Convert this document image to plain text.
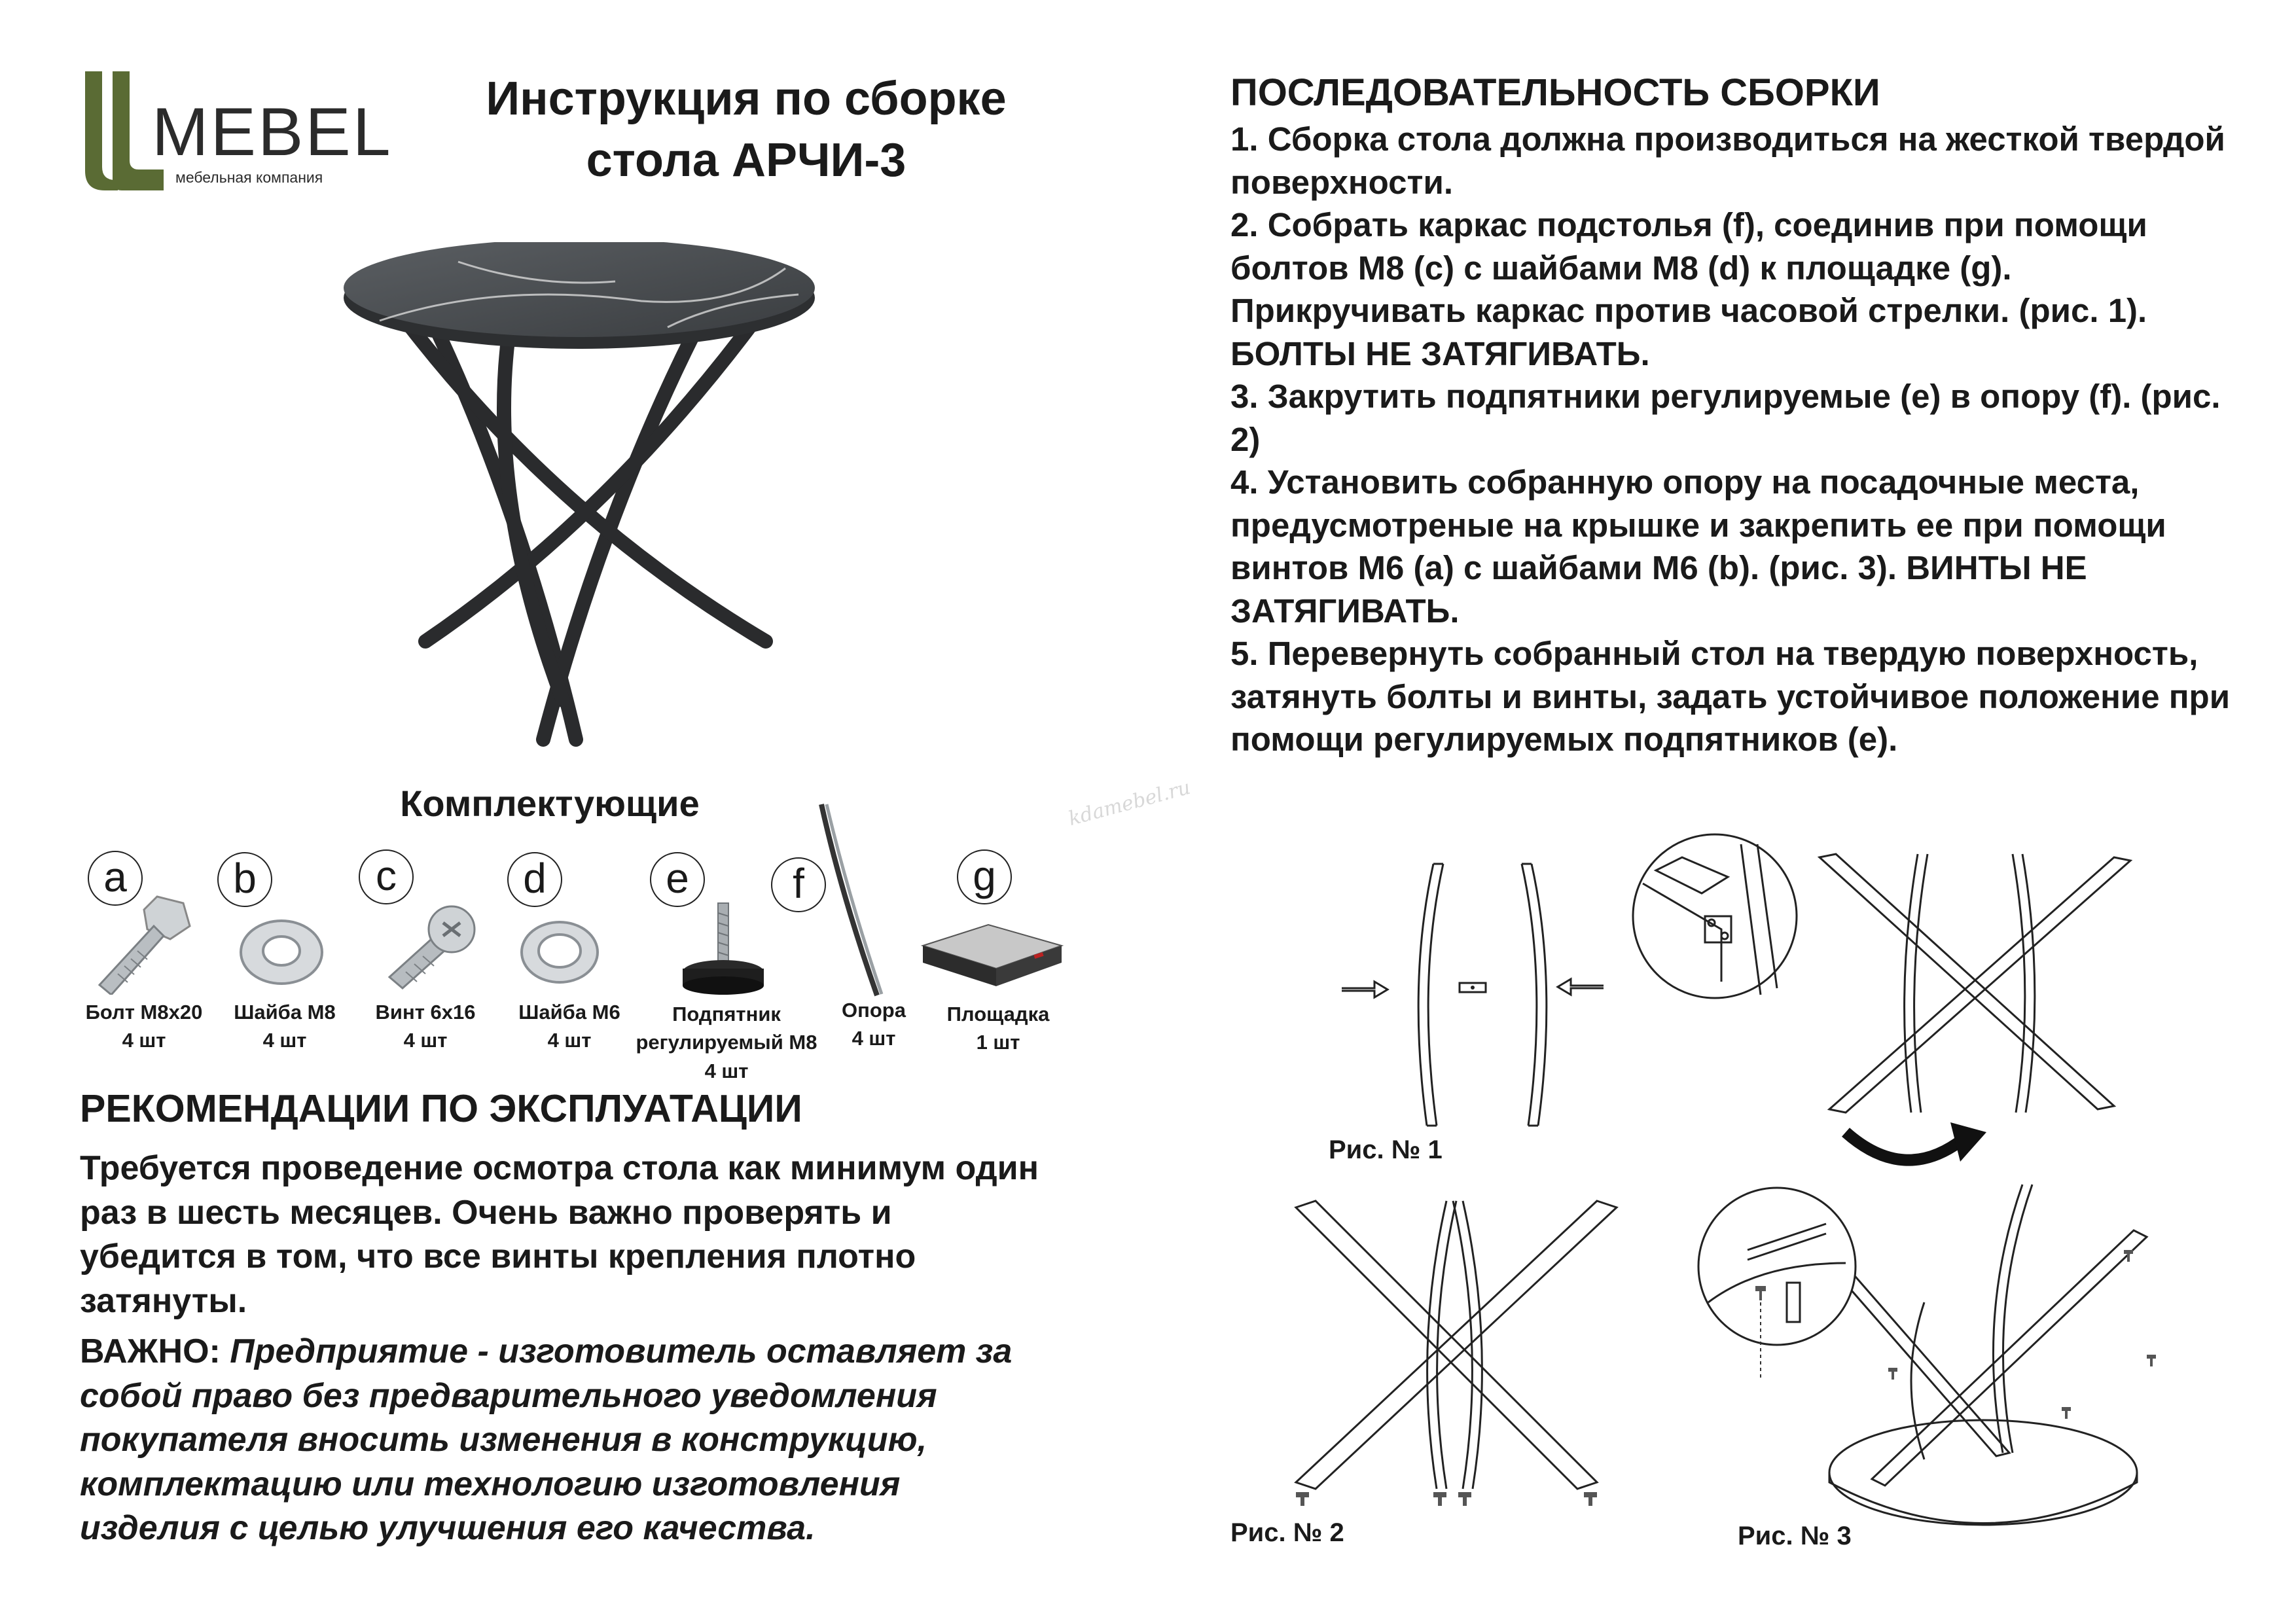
MEBEL
мебельная компания
Инструкция по сборке
стола АРЧИ-3
Комплектующие
a	b	c	d	e	f	g
Болт М8х20
4 шт
Шайба М8
4 шт
Винт 6х16
4 шт
Шайба М6
4 шт
Подпятник
регулируемый М8
4 шт
Опора
4 шт
Площадка
1 шт
РЕКОМЕНДАЦИИ ПО ЭКСПЛУАТАЦИИ
Требуется проведение осмотра стола как минимум один раз в шесть месяцев. Очень важно проверять и убедится в том, что все винты крепления плотно затянуты.
ВАЖНО: Предприятие - изготовитель оставляет за собой право без предварительного уведомления покупателя вносить изменения в конструкцию, комплектацию или технологию изготовления изделия с целью улучшения его качества.
ПОСЛЕДОВАТЕЛЬНОСТЬ СБОРКИ

1. Сборка стола должна производиться на жесткой твердой поверхности.

2. Собрать каркас подстолья (f), соединив при помощи болтов М8 (с) с шайбами М8 (d) к площадке (g). Прикручивать каркас против часовой стрелки. (рис. 1). БОЛТЫ НЕ ЗАТЯГИВАТЬ.

3. Закрутить подпятники регулируемые (е) в опору (f). (рис. 2)

4. Установить собранную опору на посадочные места, предусмотреные на крышке и закрепить ее при помощи винтов М6 (а) с шайбами М6 (b). (рис. 3). ВИНТЫ НЕ ЗАТЯГИВАТЬ.

5. Перевернуть собранный стол на твердую поверхность, затянуть болты и винты, задать устойчивое положение при помощи регулируемых подпятников (е).

kdamebel.ru
Рис. № 1
Рис. № 2	Рис. № 3
